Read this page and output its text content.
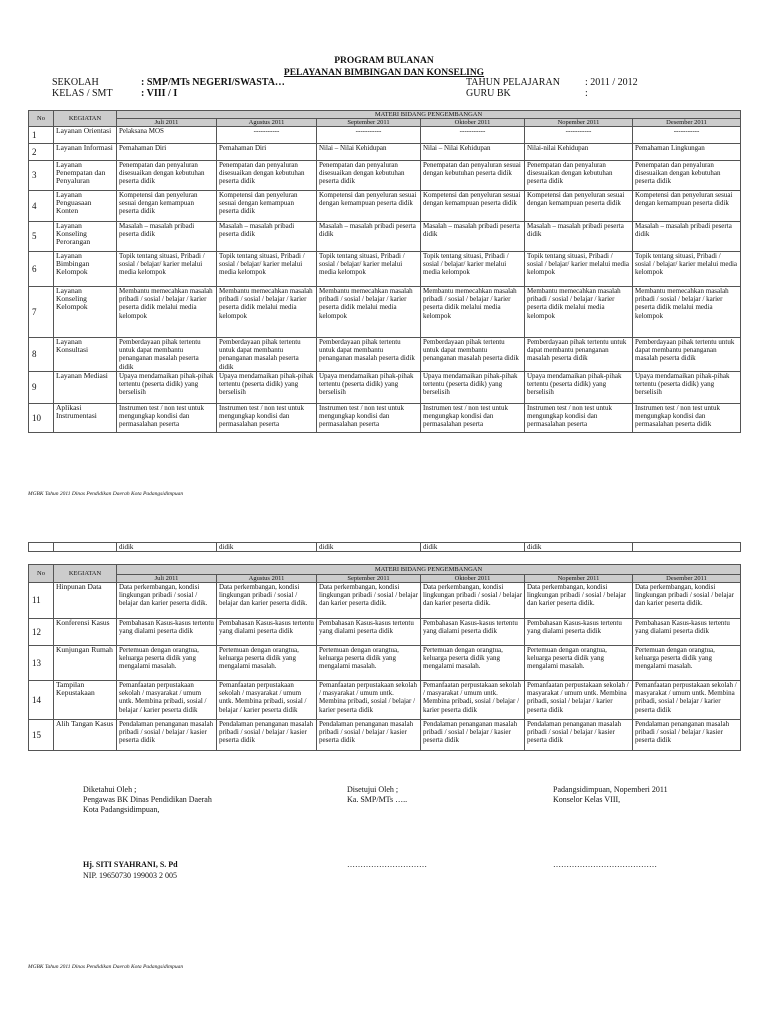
PROGRAM BULANAN
PELAYANAN BIMBINGAN DAN KONSELING
SEKOLAH	: SMP/MTs NEGERI/SWASTA…
KELAS / SMT	: VIII / I
TAHUN PELAJARAN	: 2011 / 2012
GURU BK	:
No	KEGIATAN	MATERI BIDANG PENGEMBANGAN					
		Juli 2011	Agustus 2011	September 2011	Oktober 2011	Nopember 2011	Desember 2011
1	Layanan Orientasi	Pelaksana MOS	-----------	-----------	-----------	-----------	-----------
2	Layanan Informasi	Pemahaman Diri	Pemahaman Diri	Nilai – Nilai Kehidupan	Nilai – Nilai Kehidupan	Nilai-nilai Kehidupan	Pemahaman Lingkungan
3	Layanan Penempatan dan Penyaluran	Penempatan dan penyaluran disesuaikan dengan kebutuhan peserta didik	Penempatan dan penyaluran disesuaikan dengan kebutuhan peserta didik	Penempatan dan penyaluran disesuaikan dengan kebutuhan peserta didik	Penempatan dan penyaluran sesuai dengan kebutuhan peserta didik	Penempatan dan penyaluran disesuaikan dengan kebutuhan peserta didik	Penempatan dan penyaluran disesuaikan dengan kebutuhan peserta didik
4	Layanan Penguasaan Konten	Kompetensi dan penyeluran sesuai dengan kemampuan peserta didik	Kompetensi dan penyeluran sesuai dengan kemampuan peserta didik	Kompetensi dan penyeluran sesuai dengan kemampuan peserta didik	Kompetensi dan penyeluran sesuai dengan kemampuan peserta didik	Kompetensi dan penyeluran sesuai dengan kemampuan peserta didik	Kompetensi dan penyeluran sesuai dengan kemampuan peserta didik
5	Layanan Konseling Perorangan	Masalah – masalah pribadi peserta didik	Masalah – masalah pribadi peserta didik	Masalah – masalah pribadi peserta didik	Masalah – masalah pribadi peserta didik	Masalah – masalah pribadi peserta didik	Masalah – masalah pribadi peserta didik
6	Layanan Bimbingan Kelompok	Topik tentang situasi, Pribadi / sosial / belajar/ karier melalui media kelompok	Topik tentang situasi, Pribadi / sosial / belajar/ karier melalui media kelompok	Topik tentang situasi, Pribadi / sosial / belajar/ karier melalui media kelompok	Topik tentang situasi, Pribadi / sosial / belajar/ karier melalui media kelompok	Topik tentang situasi, Pribadi / sosial / belajar/ karier melalui media kelompok	Topik tentang situasi, Pribadi / sosial / belajar/ karier melalui media kelompok
7	Layanan Konseling Kelompok	Membantu memecahkan masalah pribadi / sosial / belajar / karier peserta didik melalui media kelompok	Membantu memecahkan masalah pribadi / sosial / belajar / karier peserta didik melalui media kelompok	Membantu memecahkan masalah pribadi / sosial / belajar / karier peserta didik melalui media kelompok	Membantu memecahkan masalah pribadi / sosial / belajar / karier peserta didik melalui media kelompok	Membantu memecahkan masalah pribadi / sosial / belajar / karier peserta didik melalui media kelompok	Membantu memecahkan masalah pribadi / sosial / belajar / karier peserta didik melalui media kelompok
8	Layanan Konsultasi	Pemberdayaan pihak tertentu untuk dapat membantu penanganan masalah peserta didik	Pemberdayaan pihak tertentu untuk dapat membantu penanganan masalah peserta didik	Pemberdayaan pihak tertentu untuk dapat membantu penanganan masalah peserta didik	Pemberdayaan pihak tertentu untuk dapat membantu penanganan masalah peserta didik	Pemberdayaan pihak tertentu untuk dapat membantu penanganan masalah peserta didik	Pemberdayaan pihak tertentu untuk dapat membantu penanganan masalah peserta didik
9	Layanan Mediasi	Upaya mendamaikan pihak-pihak tertentu (peserta didik) yang berselisih	Upaya mendamaikan pihak-pihak tertentu (peserta didik) yang berselisih	Upaya mendamaikan pihak-pihak tertentu (peserta didik) yang berselisih	Upaya mendamaikan pihak-pihak tertentu (peserta didik) yang berselisih	Upaya mendamaikan pihak-pihak tertentu (peserta didik) yang berselisih	Upaya mendamaikan pihak-pihak tertentu (peserta didik) yang berselisih
10	Aplikasi Instrumentasi	Instrumen test / non test untuk mengungkap kondisi dan permasalahan peserta	Instrumen test / non test untuk mengungkap kondisi dan permasalahan peserta	Instrumen test / non test untuk mengungkap kondisi dan permasalahan peserta	Instrumen test / non test untuk mengungkap kondisi dan permasalahan peserta	Instrumen test / non test untuk mengungkap kondisi dan permasalahan peserta	Instrumen test / non test untuk mengungkap kondisi dan permasalahan peserta didik
MGBK Tahun 2011 Dinas Pendidikan Daerah Kota Padangsidimpuan
		didik	didik	didik	didik	didik	
No	KEGIATAN	MATERI BIDANG PENGEMBANGAN					
		Juli 2011	Agustus 2011	September 2011	Oktober 2011	Nopember 2011	Desember 2011
11	Hinpunan Data	Data perkembangan, kondisi lingkungan pribadi / sosial / belajar dan karier peserta didik.	Data perkembangan, kondisi lingkungan pribadi / sosial / belajar dan karier peserta didik.	Data perkembangan, kondisi lingkungan pribadi / sosial / belajar dan karier peserta didik.	Data perkembangan, kondisi lingkungan pribadi / sosial / belajar dan karier peserta didik.	Data perkembangan, kondisi lingkungan pribadi / sosial / belajar dan karier peserta didik.	Data perkembangan, kondisi lingkungan pribadi / sosial / belajar dan karier peserta didik.
12	Konferensi Kasus	Pembahasan Kasus-kasus tertentu yang dialami peserta didik	Pembahasan Kasus-kasus tertentu yang dialami peserta didik	Pembahasan Kasus-kasus tertentu yang dialami peserta didik	Pembahasan Kasus-kasus tertentu yang dialami peserta didik	Pembahasan Kasus-kasus tertentu yang dialami peserta didik	Pembahasan Kasus-kasus tertentu yang dialami peserta didik
13	Kunjungan Rumah	Pertemuan dengan orangtua, keluarga peserta didik yang mengalami masalah.	Pertemuan dengan orangtua, keluarga peserta didik yang mengalami masalah.	Pertemuan dengan orangtua, keluarga peserta didik yang mengalami masalah.	Pertemuan dengan orangtua, keluarga peserta didik yang mengalami masalah.	Pertemuan dengan orangtua, keluarga peserta didik yang mengalami masalah.	Pertemuan dengan orangtua, keluarga peserta didik yang mengalami masalah.
14	Tampilan Kepustakaan	Pemanfaatan perpustakaan sekolah / masyarakat / umum untk. Membina pribadi, sosial / belajar / karier peserta didik	Pemanfaatan perpustakaan sekolah / masyarakat / umum untk. Membina pribadi, sosial / belajar / karier peserta didik	Pemanfaatan perpustakaan sekolah / masyarakat / umum untk. Membina pribadi, sosial / belajar / karier peserta didik	Pemanfaatan perpustakaan sekolah / masyarakat / umum untk. Membina pribadi, sosial / belajar / karier peserta didik	Pemanfaatan perpustakaan sekolah / masyarakat / umum untk. Membina pribadi, sosial / belajar / karier peserta didik	Pemanfaatan perpustakaan sekolah / masyarakat / umum untk. Membina pribadi, sosial / belajar / karier peserta didik
15	Alih Tangan Kasus	Pendalaman penanganan masalah pribadi / sosial / belajar / kasier peserta didik	Pendalaman penanganan masalah pribadi / sosial / belajar / kasier peserta didik	Pendalaman penanganan masalah pribadi / sosial / belajar / kasier peserta didik	Pendalaman penanganan masalah pribadi / sosial / belajar / kasier peserta didik	Pendalaman penanganan masalah pribadi / sosial / belajar / kasier peserta didik	Pendalaman penanganan masalah pribadi / sosial / belajar / kasier peserta didik
Diketahui Oleh ;
Pengawas BK Dinas Pendidikan Daerah
Kota Padangsidimpuan,
Disetujui Oleh ;
Ka. SMP/MTs …..
Padangsidimpuan, Nopemberi 2011
Konselor Kelas VIII,
Hj. SITI SYAHRANI, S. Pd
NIP. 19650730 199003 2 005
…………………………	…………………………………
MGBK Tahun 2011 Dinas Pendidikan Daerah Kota Padangsidimpuan
